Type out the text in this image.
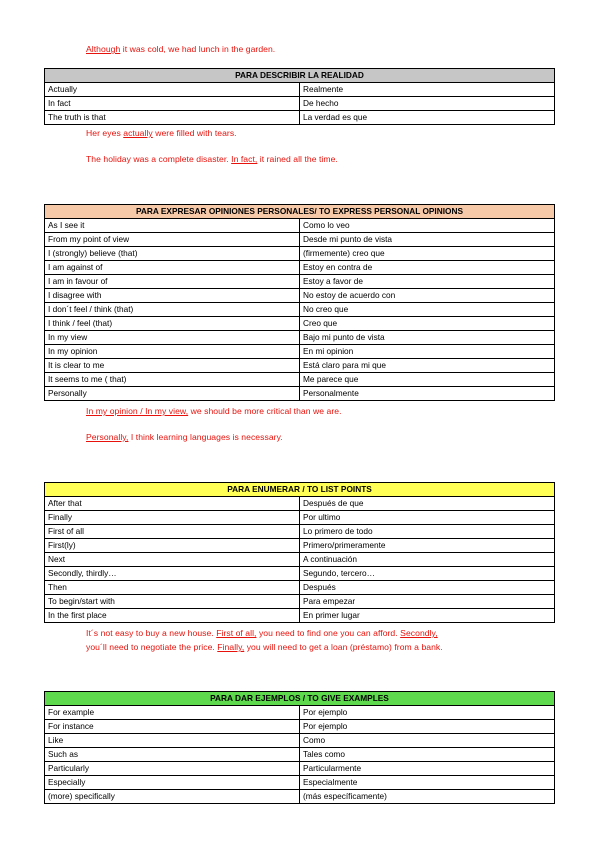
Although it was cold, we had lunch in the garden.
PARA DESCRIBIR LA REALIDAD	
Actually	Realmente
In fact	De hecho
The truth is that	La verdad es que
Her eyes actually were filled with tears.
The holiday was a complete disaster. In fact, it rained all the time.
PARA EXPRESAR OPINIONES PERSONALES/ TO EXPRESS PERSONAL OPINIONS	
As I see it	Como lo veo
From my point of view	Desde mi punto de vista
I (strongly) believe (that)	(firmemente) creo que
I am against of	Estoy en contra de
I am in favour of	Estoy a favor de
I disagree with	No estoy de acuerdo con
I don´t feel / think (that)	No creo que
I think / feel (that)	Creo que
In my view	Bajo mi punto de vista
In my opinion	En mi opinion
It is clear to me	Está claro para mi que
It seems to me ( that)	Me parece que
Personally	Personalmente
In my opinion / In my view, we should be more critical than we are.
Personally, I think learning languages is necessary.
PARA ENUMERAR / TO LIST POINTS	
After that	Después de que
Finally	Por ultimo
First of all	Lo primero de todo
First(ly)	Primero/primeramente
Next	A continuación
Secondly, thirdly…	Segundo, tercero…
Then	Después
To begin/start with	Para empezar
In the first place	En primer lugar
It´s not easy to buy a new house. First of all, you need to find one you can afford. Secondly,
you´ll need to negotiate the price. Finally, you will need to get a loan (préstamo) from a bank.
PARA DAR EJEMPLOS / TO GIVE EXAMPLES	
For example	Por ejemplo
For instance	Por ejemplo
Like	Como
Such as	Tales como
Particularly	Particularmente
Especially	Especialmente
(more) specifically	(más específicamente)
